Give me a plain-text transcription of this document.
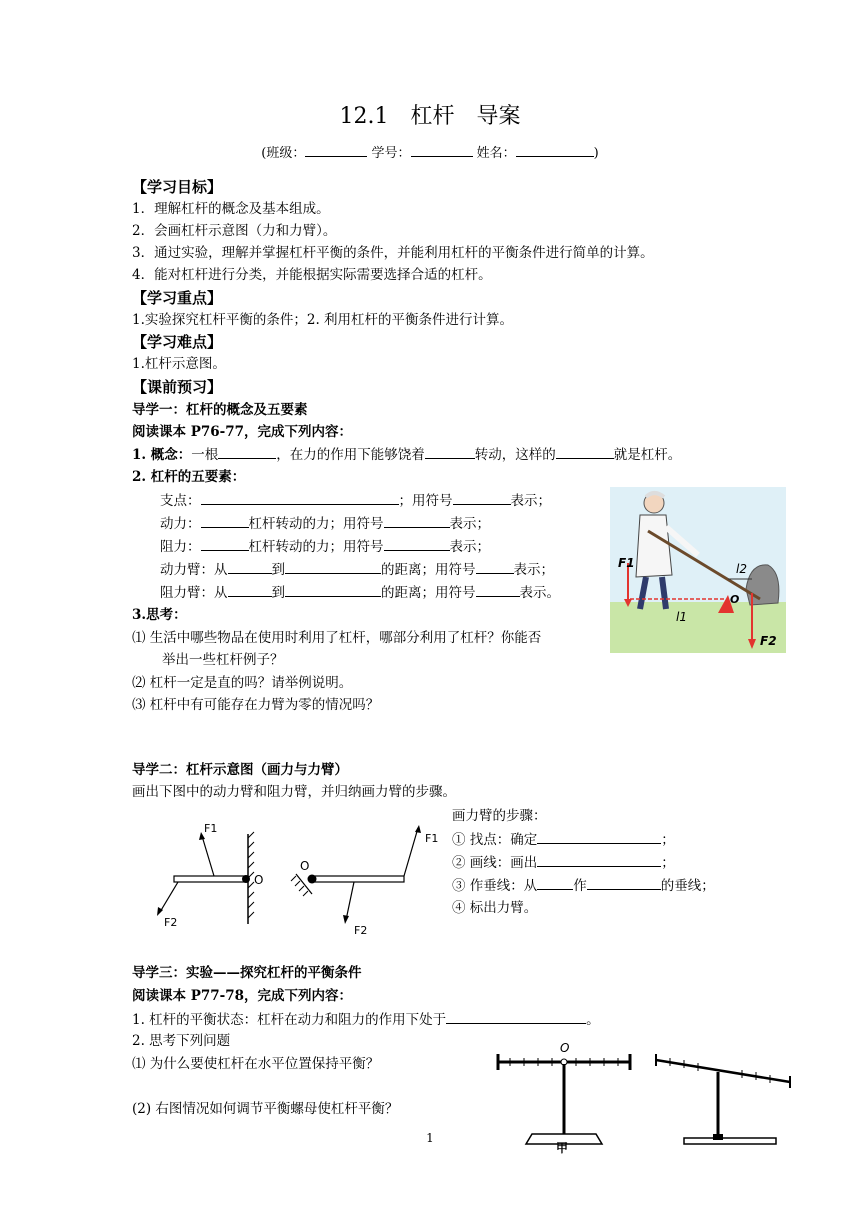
12.1　杠杆　导案
(班级：	学号：	姓名：	)
【学习目标】
1．理解杠杆的概念及基本组成。
2．会画杠杆示意图（力和力臂）。
3．通过实验，理解并掌握杠杆平衡的条件，并能利用杠杆的平衡条件进行简单的计算。
4．能对杠杆进行分类，并能根据实际需要选择合适的杠杆。
【学习重点】
1.实验探究杠杆平衡的条件；2. 利用杠杆的平衡条件进行计算。
【学习难点】
1.杠杆示意图。
【课前预习】
导学一：杠杆的概念及五要素
阅读课本 P76-77，完成下列内容：
1. 概念：一根	，在力的作用下能够饶着	转动，这样的	就是杠杆。
2. 杠杆的五要素：
支点：	；用符号	表示；
动力：	杠杆转动的力；用符号	表示；
阻力：	杠杆转动的力；用符号	表示；
动力臂：从	到	的距离；用符号	表示；
阻力臂：从	到	的距离；用符号	表示。
3.思考：
⑴ 生活中哪些物品在使用时利用了杠杆，哪部分利用了杠杆？你能否
举出一些杠杆例子？
⑵ 杠杆一定是直的吗？请举例说明。
⑶ 杠杆中有可能存在力臂为零的情况吗？
F1
F2
l1
l2
O
导学二：杠杆示意图（画力与力臂）
画出下图中的动力臂和阻力臂，并归纳画力臂的步骤。
F1
F2
O
F1
F2
O
画力臂的步骤：
① 找点：确定	；
② 画线：画出	；
③ 作垂线：从	作	的垂线；
④ 标出力臂。
导学三：实验——探究杠杆的平衡条件
阅读课本 P77-78，完成下列内容：
1. 杠杆的平衡状态：杠杆在动力和阻力的作用下处于	。
2. 思考下列问题
⑴ 为什么要使杠杆在水平位置保持平衡？
(2) 右图情况如何调节平衡螺母使杠杆平衡？
O
甲
1
